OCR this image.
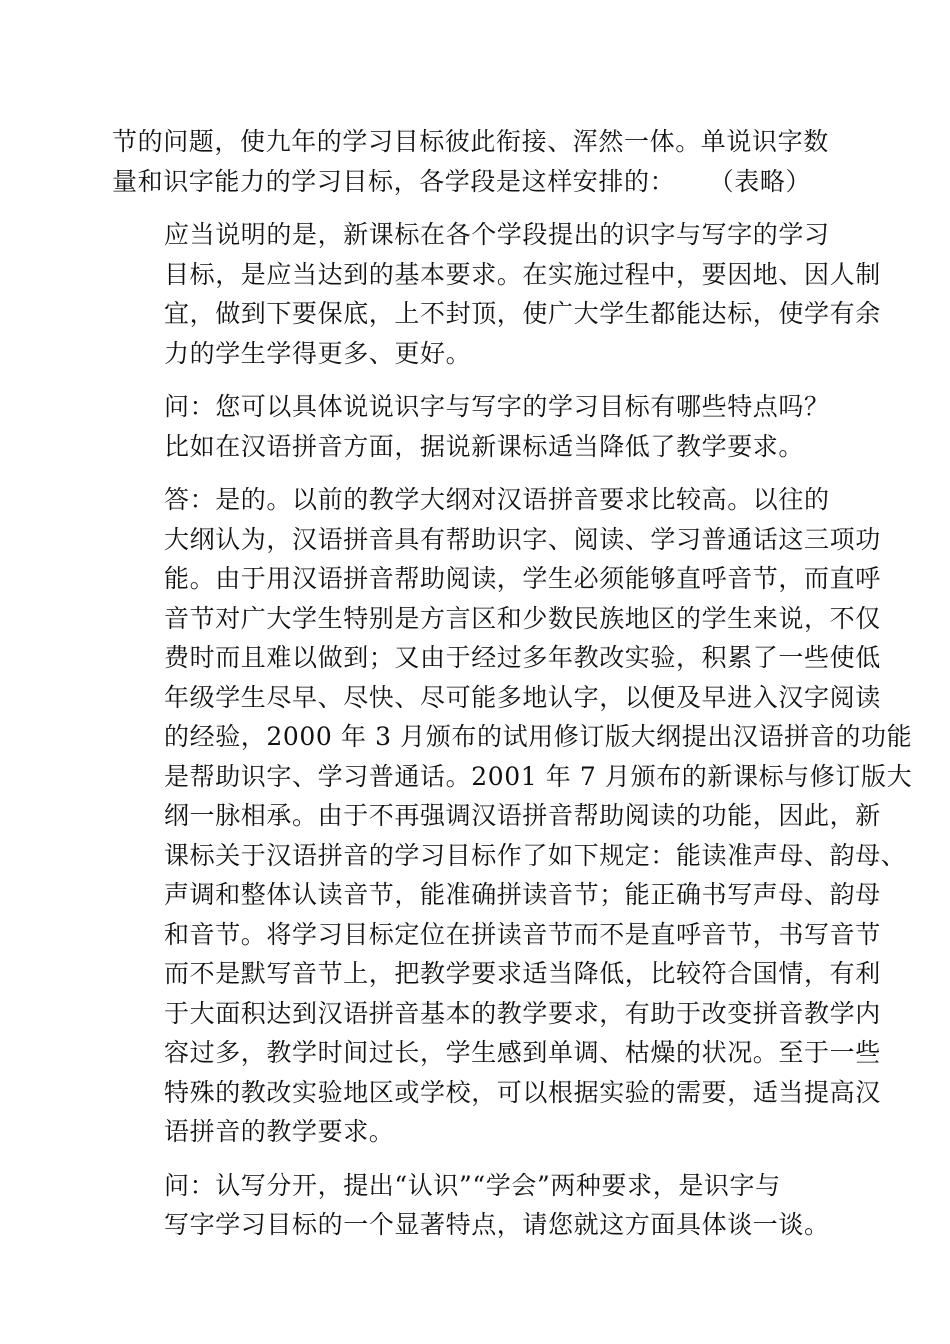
节的问题，使九年的学习目标彼此衔接、浑然一体。单说识字数
量和识字能力的学习目标，各学段是这样安排的： （表略）

应当说明的是，新课标在各个学段提出的识字与写字的学习
目标，是应当达到的基本要求。在实施过程中，要因地、因人制
宜，做到下要保底，上不封顶，使广大学生都能达标，使学有余
力的学生学得更多、更好。

问：您可以具体说说识字与写字的学习目标有哪些特点吗？
比如在汉语拼音方面，据说新课标适当降低了教学要求。

答：是的。以前的教学大纲对汉语拼音要求比较高。以往的
大纲认为，汉语拼音具有帮助识字、阅读、学习普通话这三项功
能。由于用汉语拼音帮助阅读，学生必须能够直呼音节，而直呼
音节对广大学生特别是方言区和少数民族地区的学生来说，不仅
费时而且难以做到；又由于经过多年教改实验，积累了一些使低
年级学生尽早、尽快、尽可能多地认字，以便及早进入汉字阅读
的经验，2000 年 3 月颁布的试用修订版大纲提出汉语拼音的功能
是帮助识字、学习普通话。2001 年 7 月颁布的新课标与修订版大
纲一脉相承。由于不再强调汉语拼音帮助阅读的功能，因此，新
课标关于汉语拼音的学习目标作了如下规定：能读准声母、韵母、
声调和整体认读音节，能准确拼读音节；能正确书写声母、韵母
和音节。将学习目标定位在拼读音节而不是直呼音节，书写音节
而不是默写音节上，把教学要求适当降低，比较符合国情，有利
于大面积达到汉语拼音基本的教学要求，有助于改变拼音教学内
容过多，教学时间过长，学生感到单调、枯燥的状况。至于一些
特殊的教改实验地区或学校，可以根据实验的需要，适当提高汉
语拼音的教学要求。

问：认写分开，提出“认识”“学会”两种要求，是识字与
写字学习目标的一个显著特点，请您就这方面具体谈一谈。
